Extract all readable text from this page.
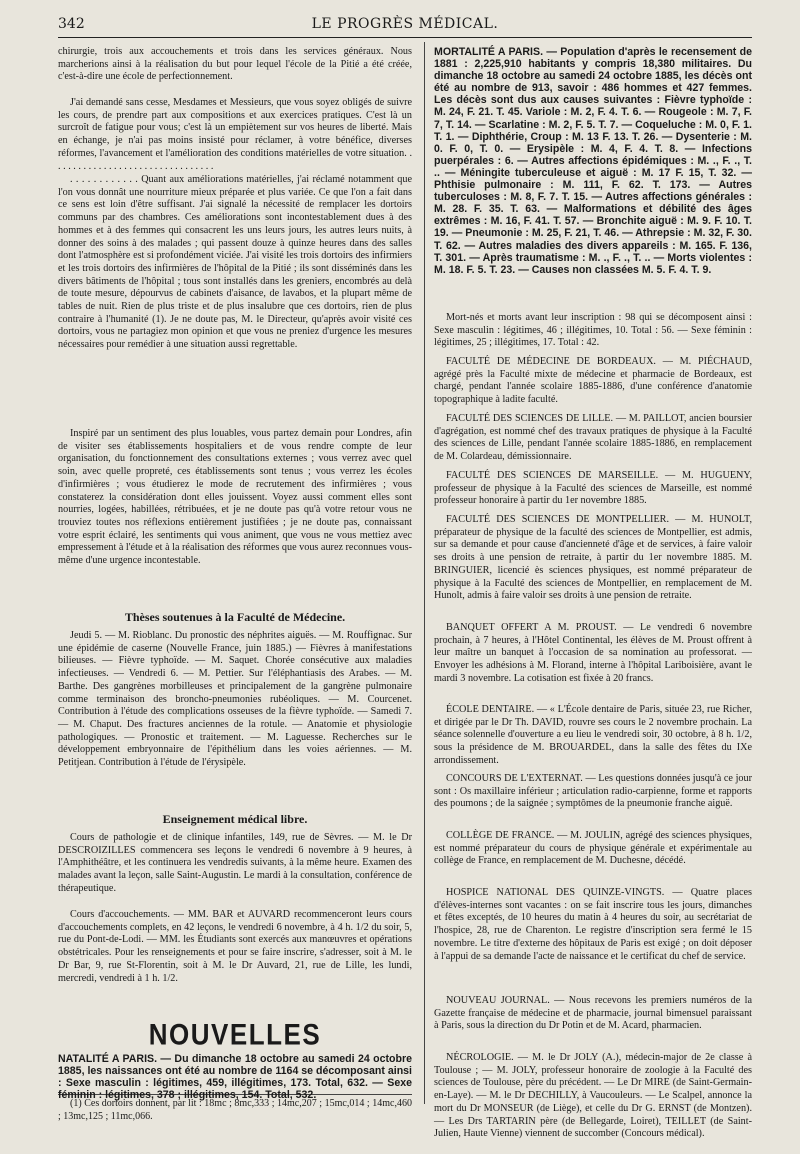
LE PROGRÈS MÉDICAL.
342

chirurgie, trois aux accouchements et trois dans les services généraux. Nous marcherions ainsi à la réalisation du but pour lequel l'école de la Pitié a été créée, c'est-à-dire une école de perfectionnement.

J'ai demandé sans cesse, Mesdames et Messieurs, que vous soyez obligés de suivre les cours, de prendre part aux compositions et aux exercices pratiques. C'est là un surcroît de fatigue pour vous; c'est là un empiètement sur vos heures de liberté. Mais en échange, je n'ai pas moins insisté pour réclamer, à votre bénéfice, diverses réformes, l'avancement et l'amélioration des conditions matérielles de votre situation. . . . . . . . . . . . . . . . . . . . . . . . . . . . . . . . .

. . . . . . . . . . . . Quant aux améliorations matérielles, j'ai réclamé notamment que l'on vous donnât une nourriture mieux préparée et plus variée. Ce que l'on a fait dans ce sens est loin d'être suffisant. J'ai signalé la nécessité de remplacer les dortoirs communs par des chambres. Ces améliorations sont incontestablement dues à des hommes et à des femmes qui consacrent les uns leurs jours, les autres leurs nuits, à donner des soins à des malades ; qui passent douze à quinze heures dans des salles dont l'atmosphère est si profondément viciée. J'ai visité les trois dortoirs des infirmiers et les trois dortoirs des infirmières de l'hôpital de la Pitié ; ils sont disséminés dans les divers bâtiments de l'hôpital ; tous sont installés dans les greniers, encombrés au delà de toute mesure, dépourvus de cabinets d'aisance, de lavabos, et la plupart même de tables de nuit. Rien de plus triste et de plus insalubre que ces dortoirs, rien de plus contraire à l'humanité (1). Je ne doute pas, M. le Directeur, qu'après avoir visité ces dortoirs, vous ne partagiez mon opinion et que vous ne preniez d'urgence les mesures nécessaires pour remédier à une situation aussi regrettable.

Inspiré par un sentiment des plus louables, vous partez demain pour Londres, afin de visiter ses établissements hospitaliers et de vous rendre compte de leur organisation, du fonctionnement des consultations externes ; vous verrez avec quel soin, avec quelle propreté, ces établissements sont tenus ; vous verrez les écoles d'infirmières ; vous étudierez le mode de recrutement des infirmières ; vous constaterez la considération dont elles jouissent. Voyez aussi comment elles sont nourries, logées, habillées, rétribuées, et je ne doute pas qu'à votre retour vous ne trouviez toutes nos réflexions entièrement justifiées ; je ne doute pas, connaissant votre esprit éclairé, les sentiments qui vous animent, que vous ne vous mettiez avec empressement à l'étude et à la réalisation des réformes que vous aurez reconnues vous-même d'une urgence incontestable.

Thèses soutenues à la Faculté de Médecine.

Jeudi 5. — M. Rioblanc. Du pronostic des néphrites aiguës. — M. Rouffignac. Sur une épidémie de caserne (Nouvelle France, juin 1885.) — Fièvres à manifestations bilieuses. — Fièvre typhoïde. — M. Saquet. Chorée consécutive aux maladies infectieuses. — Vendredi 6. — M. Pettier. Sur l'éléphantiasis des Arabes. — M. Barthe. Des gangrènes morbilleuses et principalement de la gangrène pulmonaire comme terminaison des broncho-pneumonies rubéoliques. — M. Courcenet. Contribution à l'étude des complications osseuses de la fièvre typhoïde. — Samedi 7. — M. Chaput. Des fractures anciennes de la rotule. — Anatomie et physiologie pathologiques. — Pronostic et traitement. — M. Laguesse. Recherches sur le développement embryonnaire de l'épithélium dans les voies aériennes. — M. Petitjean. Contribution à l'étude de l'érysipèle.

Enseignement médical libre.

Cours de pathologie et de clinique infantiles, 149, rue de Sèvres. — M. le Dr DESCROIZILLES commencera ses leçons le vendredi 6 novembre à 9 heures, à l'Amphithéâtre, et les continuera les vendredis suivants, à la même heure. Examen des malades avant la leçon, salle Saint-Augustin. Le mardi à la consultation, conférence de thérapeutique.

Cours d'accouchements. — MM. BAR et AUVARD recommenceront leurs cours d'accouchements complets, en 42 leçons, le vendredi 6 novembre, à 4 h. 1/2 du soir, 5, rue du Pont-de-Lodi. — MM. les Étudiants sont exercés aux manœuvres et opérations obstétricales. Pour les renseignements et pour se faire inscrire, s'adresser, soit à M. le Dr Bar, 9, rue St-Florentin, soit à M. le Dr Auvard, 21, rue de Lille, les lundi, mercredi, vendredi à 1 h. 1/2.

NOUVELLES

NATALITÉ A PARIS. — Du dimanche 18 octobre au samedi 24 octobre 1885, les naissances ont été au nombre de 1164 se décomposant ainsi : Sexe masculin : légitimes, 459, illégitimes, 173. Total, 632. — Sexe féminin : légitimes, 378 ; illégitimes, 154. Total, 532.

(1) Ces dortoirs donnent, par lit : 18mc ; 8mc,333 ; 14mc,207 ; 15mc,014 ; 14mc,460 ; 13mc,125 ; 11mc,066.

MORTALITÉ A PARIS. — Population d'après le recensement de 1881 : 2,225,910 habitants y compris 18,380 militaires. Du dimanche 18 octobre au samedi 24 octobre 1885, les décès ont été au nombre de 913, savoir : 486 hommes et 427 femmes. Les décès sont dus aux causes suivantes : Fièvre typhoïde : M. 24, F. 21. T. 45. Variole : M. 2, F. 4. T. 6. — Rougeole : M. 7, F. 7, T. 14. — Scarlatine : M. 2, F. 5. T. 7. — Coqueluche : M. 0, F. 1. T. 1. — Diphthérie, Croup : M. 13 F. 13. T. 26. — Dysenterie : M. 0. F. 0, T. 0. — Erysipèle : M. 4, F. 4. T. 8. — Infections puerpérales : 6. — Autres affections épidémiques : M. ., F. ., T. .. — Méningite tuberculeuse et aiguë : M. 17 F. 15, T. 32. — Phthisie pulmonaire : M. 111, F. 62. T. 173. — Autres tuberculoses : M. 8, F. 7. T. 15. — Autres affections générales : M. 28. F. 35. T. 63. — Malformations et débilité des âges extrêmes : M. 16, F. 41. T. 57. — Bronchite aiguë : M. 9. F. 10. T. 19. — Pneumonie : M. 25, F. 21, T. 46. — Athrepsie : M. 32, F. 30. T. 62. — Autres maladies des divers appareils : M. 165. F. 136, T. 301. — Après traumatisme : M. ., F. ., T. .. — Morts violentes : M. 18. F. 5. T. 23. — Causes non classées M. 5. F. 4. T. 9.

Mort-nés et morts avant leur inscription : 98 qui se décomposent ainsi : Sexe masculin : légitimes, 46 ; illégitimes, 10. Total : 56. — Sexe féminin : légitimes, 25 ; illégitimes, 17. Total : 42.

FACULTÉ DE MÉDECINE DE BORDEAUX. — M. PIÉCHAUD, agrégé près la Faculté mixte de médecine et pharmacie de Bordeaux, est chargé, pendant l'année scolaire 1885-1886, d'une conférence d'anatomie topographique à ladite faculté.

FACULTÉ DES SCIENCES DE LILLE. — M. PAILLOT, ancien boursier d'agrégation, est nommé chef des travaux pratiques de physique à la Faculté des sciences de Lille, pendant l'année scolaire 1885-1886, en remplacement de M. Colardeau, démissionnaire.

FACULTÉ DES SCIENCES DE MARSEILLE. — M. HUGUENY, professeur de physique à la Faculté des sciences de Marseille, est nommé professeur honoraire à partir du 1er novembre 1885.

FACULTÉ DES SCIENCES DE MONTPELLIER. — M. HUNOLT, préparateur de physique de la faculté des sciences de Montpellier, est admis, sur sa demande et pour cause d'ancienneté d'âge et de services, à faire valoir ses droits à une pension de retraite, à partir du 1er novembre 1885. M. BRINGUIER, licencié ès sciences physiques, est nommé préparateur de physique à la Faculté des sciences de Montpellier, en remplacement de M. Hunolt, admis à faire valoir ses droits à une pension de retraite.

BANQUET OFFERT A M. PROUST. — Le vendredi 6 novembre prochain, à 7 heures, à l'Hôtel Continental, les élèves de M. Proust offrent à leur maître un banquet à l'occasion de sa nomination au professorat. — Envoyer les adhésions à M. Florand, interne à l'hôpital Lariboisière, avant le mardi 3 novembre. La cotisation est fixée à 20 francs.

ÉCOLE DENTAIRE. — « L'École dentaire de Paris, située 23, rue Richer, et dirigée par le Dr Th. DAVID, rouvre ses cours le 2 novembre prochain. La séance solennelle d'ouverture a eu lieu le vendredi soir, 30 octobre, à 8 h. 1/2, sous la présidence de M. BROUARDEL, dans la salle des fêtes du IXe arrondissement.

CONCOURS DE L'EXTERNAT. — Les questions données jusqu'à ce jour sont : Os maxillaire inférieur ; articulation radio-carpienne, forme et rapports des poumons ; de la saignée ; symptômes de la pneumonie franche aiguë.

COLLÈGE DE FRANCE. — M. JOULIN, agrégé des sciences physiques, est nommé préparateur du cours de physique générale et expérimentale au collège de France, en remplacement de M. Duchesne, décédé.

HOSPICE NATIONAL DES QUINZE-VINGTS. — Quatre places d'élèves-internes sont vacantes : on se fait inscrire tous les jours, dimanches et fêtes exceptés, de 10 heures du matin à 4 heures du soir, au secrétariat de l'hospice, 28, rue de Charenton. Le registre d'inscription sera fermé le 15 novembre. Le titre d'externe des hôpitaux de Paris est exigé ; on doit déposer à l'appui de sa demande l'acte de naissance et le certificat du chef de service.

NOUVEAU JOURNAL. — Nous recevons les premiers numéros de la Gazette française de médecine et de pharmacie, journal bimensuel paraissant à Paris, sous la direction du Dr Potin et de M. Acard, pharmacien.

NÉCROLOGIE. — M. le Dr JOLY (A.), médecin-major de 2e classe à Toulouse ; — M. JOLY, professeur honoraire de zoologie à la Faculté des sciences de Toulouse, père du précédent. — Le Dr MIRE (de Saint-Germain-en-Laye). — M. le Dr DECHILLY, à Vaucouleurs. — Le Scalpel, annonce la mort du Dr MONSEUR (de Liège), et celle du Dr G. ERNST (de Montzen). — Les Drs TARTARIN père (de Bellegarde, Loiret), TEILLET (de Saint-Julien, Haute Vienne) viennent de succomber (Concours médical).
